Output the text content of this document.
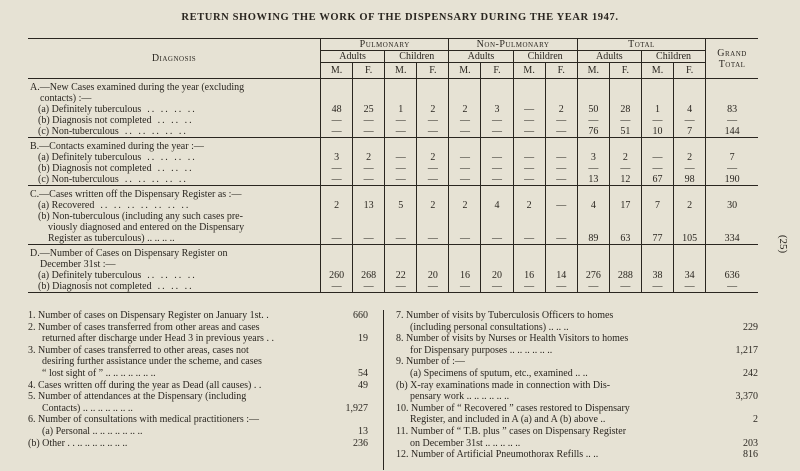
RETURN SHOWING THE WORK OF THE DISPENSARY DURING THE YEAR 1947.
(25)
Diagnosis	Pulmonary				Non-Pulmonary				Total				Grand
Total
	Adults		Children		Adults		Children		Adults		Children		
	M.	F.	M.	F.	M.	F.	M.	F.	M.	F.	M.	F.	

A.—New Cases examined during the year (excluding
contacts) :—													

(a) Definitely tuberculous .. .. .. ..	48	25	1	2	2	3	—	2	50	28	1	4	83
(b) Diagnosis not completed .. .. ..	—	—	—	—	—	—	—	—	—	—	—	—	—
(c) Non-tuberculous .. .. .. .. ..	—	—	—	—	—	—	—	—	76	51	10	7	144

B.—Contacts examined during the year :—													

(a) Definitely tuberculous .. .. .. ..	3	2	—	2	—	—	—	—	3	2	—	2	7
(b) Diagnosis not completed .. .. ..	—	—	—	—	—	—	—	—	—	—	—	—	—
(c) Non-tuberculous .. .. .. .. ..	—	—	—	—	—	—	—	—	13	12	67	98	190

C.—Cases written off the Dispensary Register as :—													

(a) Recovered .. .. .. .. .. .. ..	2	13	5	2	2	4	2	—	4	17	7	2	30
(b) Non-tuberculous (including any such cases pre-
viously diagnosed and entered on the Dispensary
Register as tuberculous) .. .. .. ..	—	—	—	—	—	—	—	—	89	63	77	105	334

D.—Number of Cases on Dispensary Register on
December 31st :—													

(a) Definitely tuberculous .. .. .. ..	260	268	22	20	16	20	16	14	276	288	38	34	636
(b) Diagnosis not completed .. .. ..	—	—	—	—	—	—	—	—	—	—	—	—	—
1. Number of cases on Dispensary Register on January 1st. .	660
2. Number of cases transferred from other areas and cases
returned after discharge under Head 3 in previous years . .	19
3. Number of cases transferred to other areas, cases not
desiring further assistance under the scheme, and cases
“ lost sight of ” .. .. .. .. .. .. ..	54
4. Cases written off during the year as Dead (all causes) . .	49
5. Number of attendances at the Dispensary (including
Contacts) .. .. .. .. .. .. ..	1,927
6. Number of consultations with medical practitioners :—
(a) Personal .. .. .. .. .. .. ..	13
(b) Other . . .. .. .. .. .. .. ..	236
7. Number of visits by Tuberculosis Officers to homes
(including personal consultations) .. .. ..	229
8. Number of visits by Nurses or Health Visitors to homes
for Dispensary purposes .. .. .. .. .. ..	1,217
9. Number of :—
(a) Specimens of sputum, etc., examined .. ..	242
(b) X-ray examinations made in connection with Dis-
pensary work .. .. .. .. .. ..	3,370
10. Number of “ Recovered ” cases restored to Dispensary
Register, and included in A (a) and A (b) above ..	2
11. Number of “ T.B. plus ” cases on Dispensary Register
on December 31st .. .. .. .. ..	203
12. Number of Artificial Pneumothorax Refills .. ..	816
